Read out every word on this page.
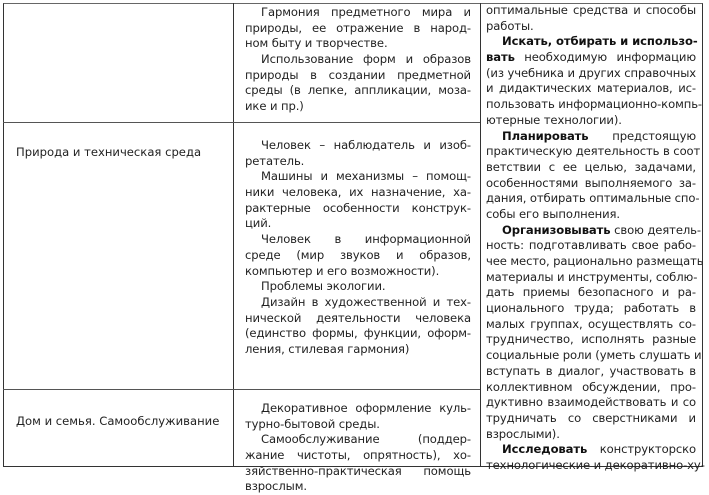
Природа и техническая среда
Дом и семья. Самообслуживание
Гармония предметного мира и
природы, ее отражение в народ-
ном быту и творчестве.
Использование форм и образов
природы в создании предметной
среды (в лепке, аппликации, моза-
ике и пр.)
Человек – наблюдатель и изоб-
ретатель.
Машины и механизмы – помощ-
ники человека, их назначение, ха-
рактерные особенности конструк-
ций.
Человек в информационной
среде (мир звуков и образов,
компьютер и его возможности).
Проблемы экологии.
Дизайн в художественной и тех-
нической деятельности человека
(единство формы, функции, оформ-
ления, стилевая гармония)
Декоративное оформление куль-
турно-бытовой среды.
Самообслуживание (поддер-
жание чистоты, опрятность), хо-
зяйственно-практическая помощь
взрослым.
оптимальные средства и способы
работы.
Искать, отбирать и использо-
вать необходимую информацию
(из учебника и других справочных
и дидактических материалов, ис-
пользовать информационно-компь-
ютерные технологии).
Планировать предстоящую
практическую деятельность в соот
ветствии с ее целью, задачами,
особенностями выполняемого за-
дания, отбирать оптимальные спо-
собы его выполнения.
Организовывать свою деятель-
ность: подготавливать свое рабо-
чее место, рационально размещать
материалы и инструменты, соблю-
дать приемы безопасного и ра-
ционального труда; работать в
малых группах, осуществлять со-
трудничество, исполнять разные
социальные роли (уметь слушать и
вступать в диалог, участвовать в
коллективном обсуждении, про-
дуктивно взаимодействовать и со
трудничать со сверстниками и
взрослыми).
Исследовать конструкторско
технологические и декоративно-ху-
